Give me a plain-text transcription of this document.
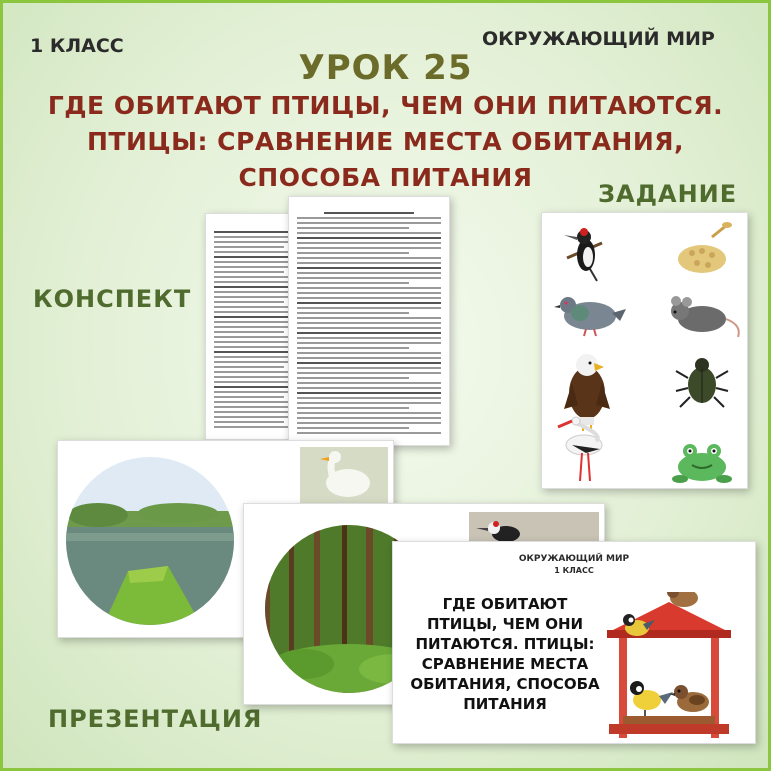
1 КЛАСС	ОКРУЖАЮЩИЙ МИР
УРОК 25
ГДЕ ОБИТАЮТ ПТИЦЫ, ЧЕМ ОНИ ПИТАЮТСЯ.
ПТИЦЫ: СРАВНЕНИЕ МЕСТА ОБИТАНИЯ,
СПОСОБА ПИТАНИЯ
КОНСПЕКТ
ЗАДАНИЕ
ПРЕЗЕНТАЦИЯ
ОКРУЖАЮЩИЙ МИР
1 КЛАСС
ГДЕ ОБИТАЮТ ПТИЦЫ, ЧЕМ ОНИ ПИТАЮТСЯ. ПТИЦЫ: СРАВНЕНИЕ МЕСТА ОБИТАНИЯ, СПОСОБА ПИТАНИЯ
